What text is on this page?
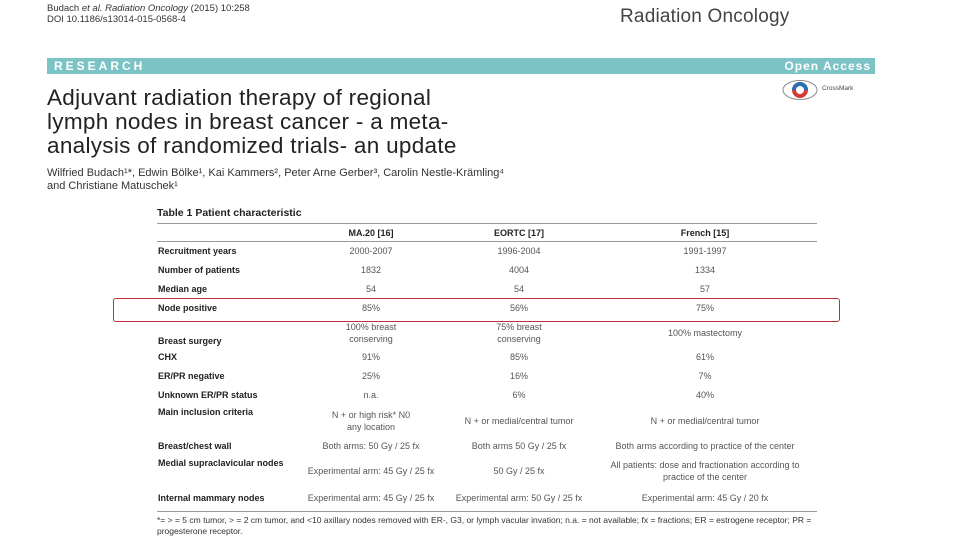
Budach et al. Radiation Oncology (2015) 10:258
DOI 10.1186/s13014-015-0568-4	Radiation Oncology
RESEARCH	Open Access
CrossMark
Adjuvant radiation therapy of regional
lymph nodes in breast cancer - a meta-
analysis of randomized trials- an update
Wilfried Budach¹*, Edwin Bölke¹, Kai Kammers², Peter Arne Gerber³, Carolin Nestle-Krämling⁴
and Christiane Matuschek¹
Table 1 Patient characteristic
	MA.20 [16]	EORTC [17]	French [15]
Recruitment years	2000-2007	1996-2004	1991-1997
Number of patients	1832	4004	1334
Median age	54	54	57
Node positive	85%	56%	75%
Breast surgery	100% breast conserving	75% breast conserving	100% mastectomy
CHX	91%	85%	61%
ER/PR negative	25%	16%	7%
Unknown ER/PR status	n.a.	6%	40%
Main inclusion criteria	N + or high risk* N0 any location	N + or medial/central tumor	N + or medial/central tumor
Breast/chest wall	Both arms: 50 Gy / 25 fx	Both arms 50 Gy / 25 fx	Both arms according to practice of the center
Medial supraclavicular nodes	Experimental arm: 45 Gy / 25 fx	50 Gy / 25 fx	All patients: dose and fractionation according to practice of the center
Internal mammary nodes	Experimental arm: 45 Gy / 25 fx	Experimental arm: 50 Gy / 25 fx	Experimental arm: 45 Gy / 20 fx
*= > = 5 cm tumor, > = 2 cm tumor, and <10 axillary nodes removed with ER-, G3, or lymph vacular invation; n.a. = not available; fx = fractions; ER = estrogene receptor; PR = progesterone receptor.
